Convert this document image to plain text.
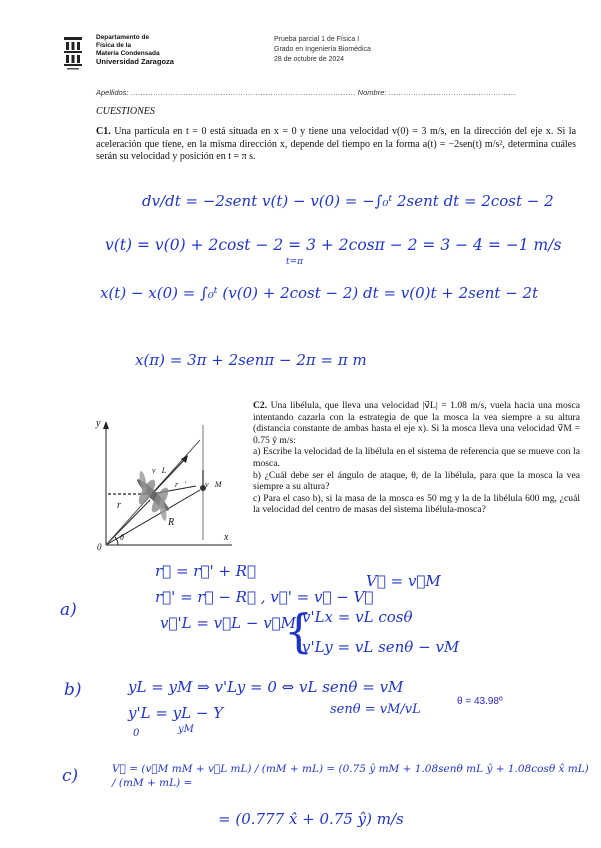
Departamento de
Física de la
Materia Condensada
Universidad Zaragoza
Prueba parcial 1 de Física I
Grado en Ingeniería Biomédica
28 de octubre de 2024
Apellidos: ……………………………………………………………………………… Nombre: ……………………………………………
CUESTIONES
C1. Una partícula en t = 0 está situada en x = 0 y tiene una velocidad v(0) = 3 m/s, en la dirección del eje x. Si la aceleración que tiene, en la misma dirección x, depende del tiempo en la forma a(t) = −2sen(t) m/s², determina cuáles serán su velocidad y posición en t = π s.
dv/dt = −2sent v(t) − v(0) = −∫₀ᵗ 2sent dt = 2cost − 2
v(t) = v(0) + 2cost − 2 = 3 + 2cosπ − 2 = 3 − 4 = −1 m/s
t=π
x(t) − x(0) = ∫₀ᵗ (v(0) + 2cost − 2) dt = v(0)t + 2sent − 2t
x(π) = 3π + 2senπ − 2π = π m
y
x
0
v⃗L
v⃗M
r⃗
r⃗'
R⃗
θ
C2. Una libélula, que lleva una velocidad |v⃗L| = 1.08 m/s, vuela hacia una mosca intentando cazarla con la estrategia de que la mosca la vea siempre a su altura (distancia constante de ambas hasta el eje x). Si la mosca lleva una velocidad v⃗M = 0.75 ŷ m/s:
a) Escribe la velocidad de la libélula en el sistema de referencia que se mueve con la mosca.
b) ¿Cuál debe ser el ángulo de ataque, θ, de la libélula, para que la mosca la vea siempre a su altura?
c) Para el caso b), si la masa de la mosca es 50 mg y la de la libélula 600 mg, ¿cuál la velocidad del centro de masas del sistema libélula-mosca?
r⃗ = r⃗' + R⃗
V⃗ = v⃗M
r⃗' = r⃗ − R⃗ , v⃗' = v⃗ − V⃗
a)
v⃗'L = v⃗L − v⃗M
{
v'Lx = vL cosθ
v'Ly = vL senθ − vM
b)	yL = yM ⇒ v'Ly = 0 ⇔ vL senθ = vM
y'L = yL − Y	senθ = vM/vL
yM
0
θ = 43.98º
c)	V⃗ = (v⃗M mM + v⃗L mL) / (mM + mL) = (0.75 ŷ mM + 1.08senθ mL ŷ + 1.08cosθ x̂ mL) / (mM + mL) =
= (0.777 x̂ + 0.75 ŷ) m/s
